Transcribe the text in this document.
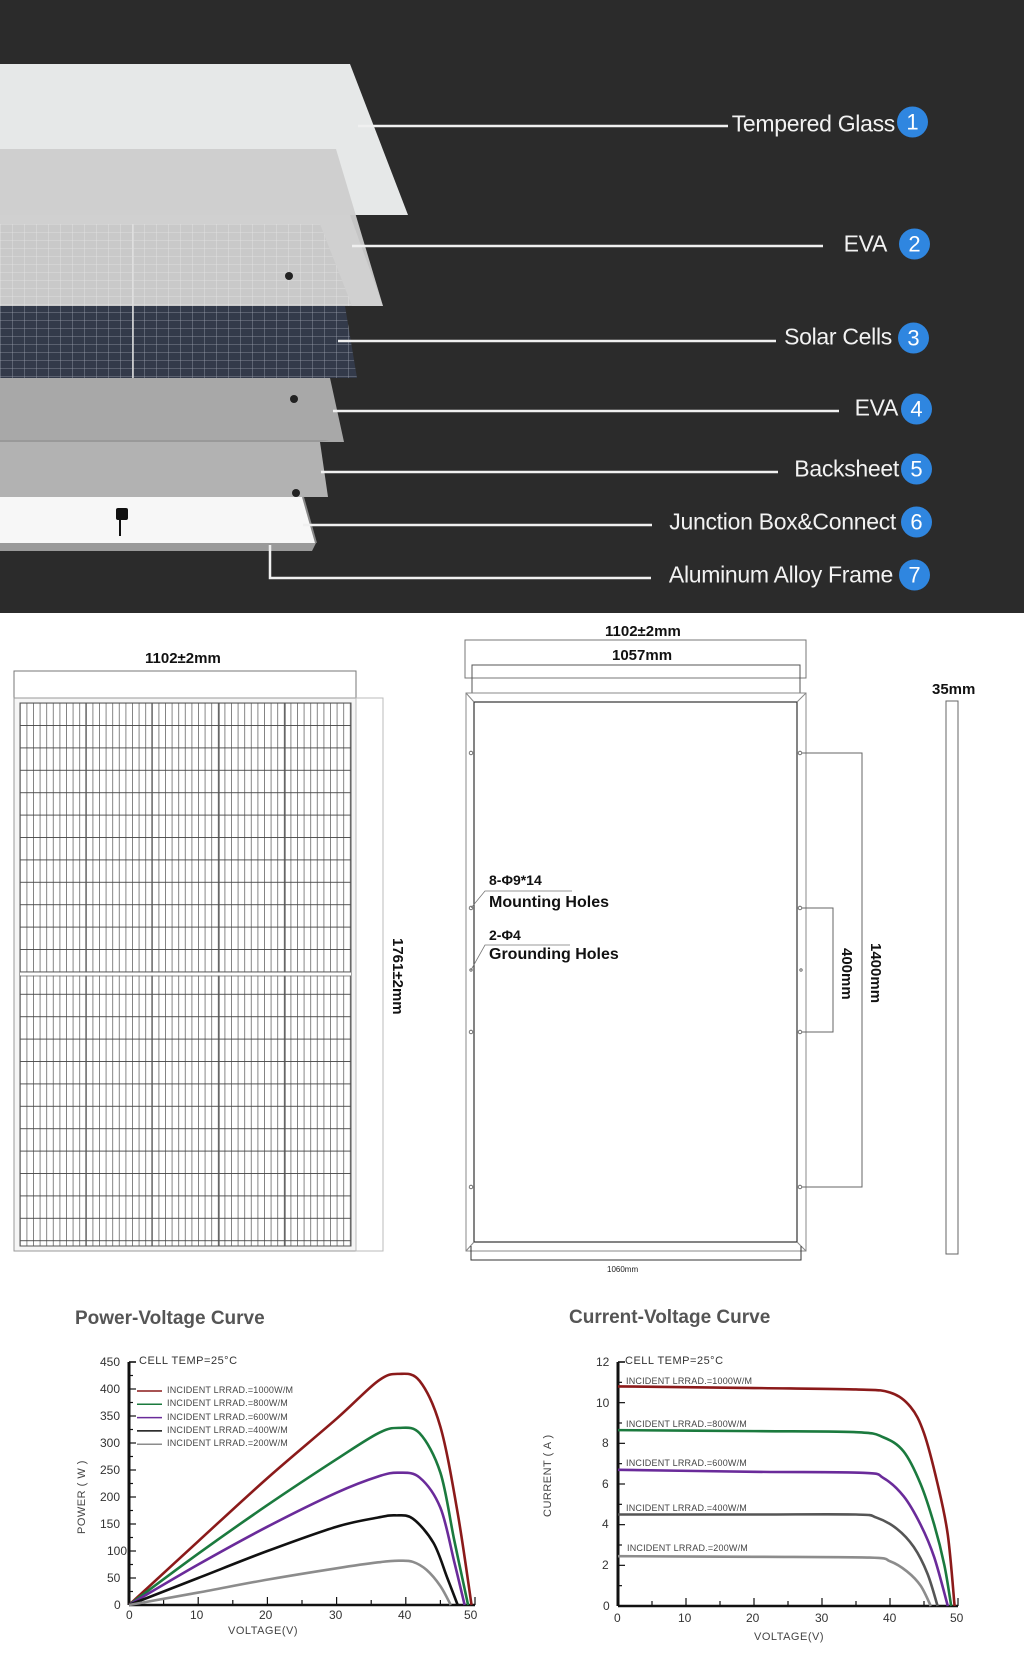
Tempered Glass 1
EVA 2
Solar Cells 3
EVA 4
Backsheet 5
Junction Box&Connect 6
Aluminum Alloy Frame 7
1102±2mm
1761±2mm
1102±2mm
1057mm
1060mm
8-Φ9*14
Mounting Holes
2-Φ4
Grounding Holes	1400mm
400mm
35mm
Power-Voltage Curve
CELL TEMP=25°C
INCIDENT LRRAD.=1000W/M
INCIDENT LRRAD.=800W/M
INCIDENT LRRAD.=600W/M
INCIDENT LRRAD.=400W/M
INCIDENT LRRAD.=200W/M
VOLTAGE(V)
POWER ( W )
450
400
350
300
250
200
150
100
50
0
0	10	20	30	40	50
Current-Voltage Curve
CELL TEMP=25°C
INCIDENT LRRAD.=1000W/M
INCIDENT LRRAD.=800W/M
INCIDENT LRRAD.=600W/M
INCIDENT LRRAD.=400W/M
INCIDENT LRRAD.=200W/M
VOLTAGE(V)
CURRENT ( A )
12
10
8
6
4
2
0
0	10	20	30	40	50
